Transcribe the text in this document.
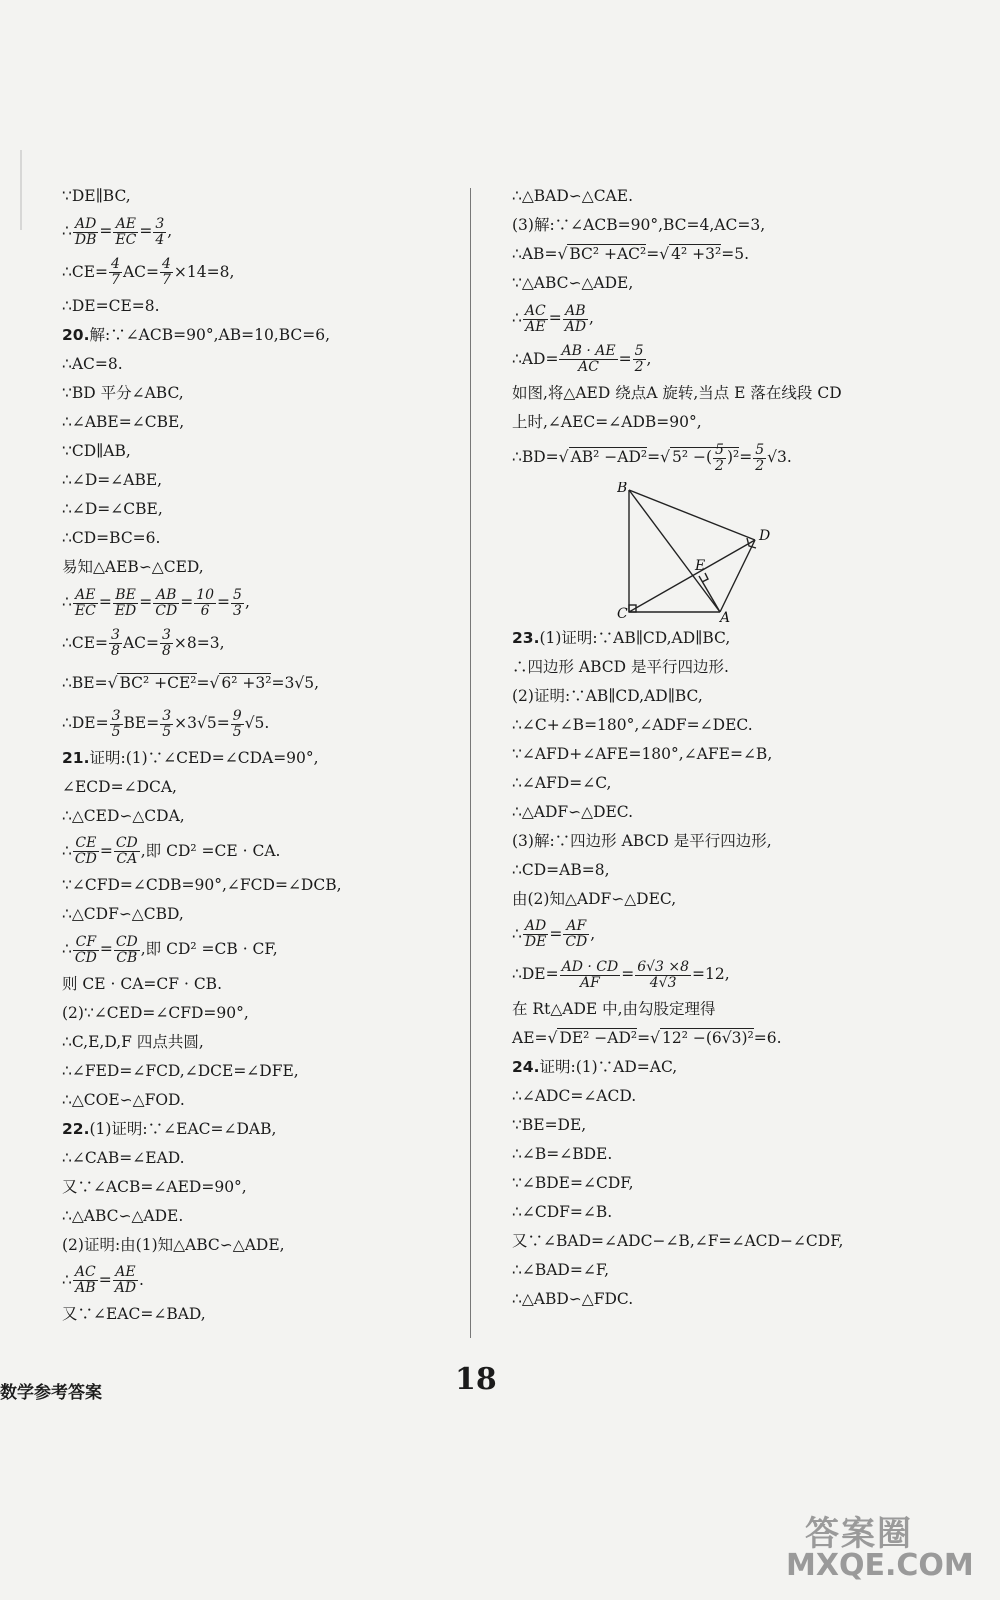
∵DE∥BC,
∴ $\frac{AD}{DB} = \frac{AE}{EC} = \frac{3}{4}$ ,
∴CE= $\frac{4}{7} AC= \frac{4}{7} \times 14=8$,
∴DE=CE=8.
20.解:∵∠ACB=90°,AB=10,BC=6,
∴AC=8.
∵BD 平分∠ABC,
∴∠ABE=∠CBE,
∵CD∥AB,
∴∠D=∠ABE,
∴∠D=∠CBE,
∴CD=BC=6.
易知△AEB∽△CED,
∴ $\frac{AE}{EC} = \frac{BE}{ED} = \frac{AB}{CD} = \frac{10}{6} = \frac{5}{3}$ ,
∴CE= $\frac{3}{8} AC= \frac{3}{8} \times 8=3$,
∴BE=√ BC² +CE²=√ 6² +3²=3√5,
∴DE= $\frac{3}{5} BE= \frac{3}{5} \times 3√5= \frac{9}{5} √5$.
21.证明:(1)∵∠CED=∠CDA=90°,
∠ECD=∠DCA,
∴△CED∽△CDA,
∴ $\frac{CE}{CD} = \frac{CD}{CA}$ ,即 CD² =CE · CA.
∵∠CFD=∠CDB=90°,∠FCD=∠DCB,
∴△CDF∽△CBD,
∴ $\frac{CF}{CD} = \frac{CD}{CB}$ ,即 CD² =CB · CF,
则 CE · CA=CF · CB.
(2)∵∠CED=∠CFD=90°,
∴C,E,D,F 四点共圆,
∴∠FED=∠FCD,∠DCE=∠DFE,
∴△COE∽△FOD.
22.(1)证明:∵∠EAC=∠DAB,
∴∠CAB=∠EAD.
又∵∠ACB=∠AED=90°,
∴△ABC∽△ADE.
(2)证明:由(1)知△ABC∽△ADE,
∴ $\frac{AC}{AB} = \frac{AE}{AD}$ .
又∵∠EAC=∠BAD,
∴△BAD∽△CAE.
(3)解:∵∠ACB=90°,BC=4,AC=3,
∴AB=√ BC² +AC²=√ 4² +3²=5.
∵△ABC∽△ADE,
∴ $\frac{AC}{AE} = \frac{AB}{AD}$ ,
∴AD= $\frac{AB \cdot AE}{AC} = \frac{5}{2}$ ,
如图,将△AED 绕点A 旋转,当点 E 落在线段 CD
上时,∠AEC=∠ADB=90°,
∴BD=√ AB² −AD²=√ 5² −( $\frac{5}{2} )^2= \frac{5}{2} √3$.
B
D
E
C	A
23.(1)证明:∵AB∥CD,AD∥BC,
∴四边形 ABCD 是平行四边形.
(2)证明:∵AB∥CD,AD∥BC,
∴∠C+∠B=180°,∠ADF=∠DEC.
∵∠AFD+∠AFE=180°,∠AFE=∠B,
∴∠AFD=∠C,
∴△ADF∽△DEC.
(3)解:∵四边形 ABCD 是平行四边形,
∴CD=AB=8,
由(2)知△ADF∽△DEC,
∴ $\frac{AD}{DE} = \frac{AF}{CD}$ ,
∴DE= $\frac{AD \cdot CD}{AF} = \frac{6√3 \times 8}{4√3} =12$,
在 Rt△ADE 中,由勾股定理得
AE=√ DE² −AD²=√ 12² −(6√3)²=6.
24.证明:(1)∵AD=AC,
∴∠ADC=∠ACD.
∵BE=DE,
∴∠B=∠BDE.
∵∠BDE=∠CDF,
∴∠CDF=∠B.
又∵∠BAD=∠ADC−∠B,∠F=∠ACD−∠CDF,
∴∠BAD=∠F,
∴△ABD∽△FDC.
数学参考答案	18
答案圈
MXQE.COM
